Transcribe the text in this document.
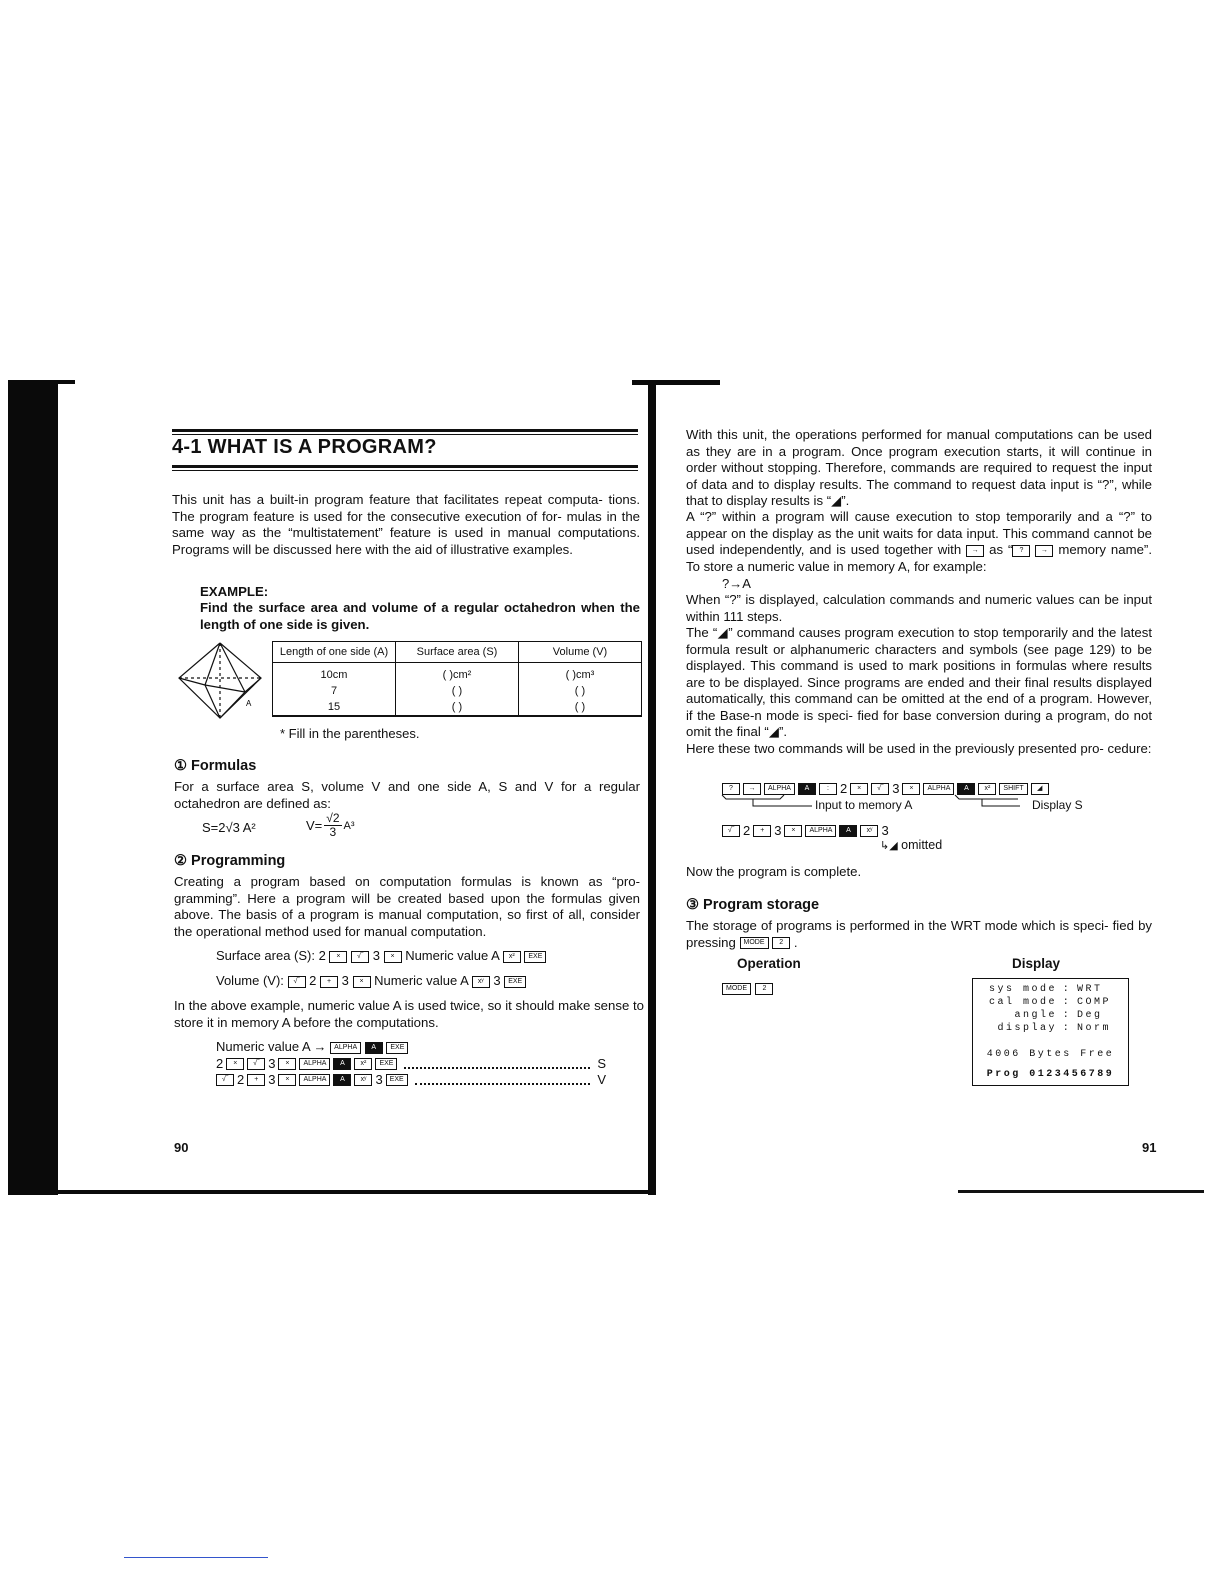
4-1 WHAT IS A PROGRAM?
This unit has a built-in program feature that facilitates repeat computa- tions. The program feature is used for the consecutive execution of for- mulas in the same way as the “multistatement” feature is used in manual computations. Programs will be discussed here with the aid of illustrative examples.
EXAMPLE:
Find the surface area and volume of a regular octahedron when the length of one side is given.
A
Length of one side (A)	Surface area (S)	Volume (V)
10cm	( )cm²	( )cm³
7	( )	( )
15	( )	( )
* Fill in the parentheses.
① Formulas
For a surface area S, volume V and one side A, S and V for a regular octahedron are defined as:
S=2√3 A²	$V= \frac{√2}{3} A^3$
② Programming
Creating a program based on computation formulas is known as “pro- gramming”. Here a program will be created based upon the formulas given above. The basis of a program is manual computation, so first of all, consider the operational method used for manual computation.
Surface area (S): 2 × √‾ 3 × Numeric value A x² EXE
Volume (V): √‾ 2 + 3 × Numeric value A xʸ 3 EXE
In the above example, numeric value A is used twice, so it should make sense to store it in memory A before the computations.
Numeric value A → ALPHA A EXE
2	×	√‾ 3	×	ALPHA	A	x²	EXE	S
√‾ 2	+ 3	×	ALPHA	A	xʸ 3	EXE	V
90
With this unit, the operations performed for manual computations can be used as they are in a program. Once program execution starts, it will continue in order without stopping. Therefore, commands are required to request the input of data and to display results. The command to request data input is “?”, while that to display results is “◢”.
A “?” within a program will cause execution to stop temporarily and a “?” to appear on the display as the unit waits for data input. This command cannot be used independently, and is used together with → as “ ?	→ memory name”. To store a numeric value in memory A, for example:
?→A
When “?” is displayed, calculation commands and numeric values can be input within 111 steps.
The “◢” command causes program execution to stop temporarily and the latest formula result or alphanumeric characters and symbols (see page 129) to be displayed. This command is used to mark positions in formulas where results are to be displayed. Since programs are ended and their final results displayed automatically, this command can be omitted at the end of a program. However, if the Base-n mode is speci- fied for base conversion during a program, do not omit the final “◢”.
Here these two commands will be used in the previously presented pro- cedure:
?	→	ALPHA	A	: 2	×	√‾ 3	×	ALPHA	A	x²	SHIFT	◢
Input to memory A	Display S
√‾ 2	+ 3	×	ALPHA	A	xʸ 3
↳◢ omitted
Now the program is complete.
③ Program storage
The storage of programs is performed in the WRT mode which is speci- fied by pressing MODE 2 .
Operation	Display
MODE 2	sys mode : WRT
cal mode : COMP
angle : Deg
display : Norm
4006 Bytes Free
Prog 0123456789
91
